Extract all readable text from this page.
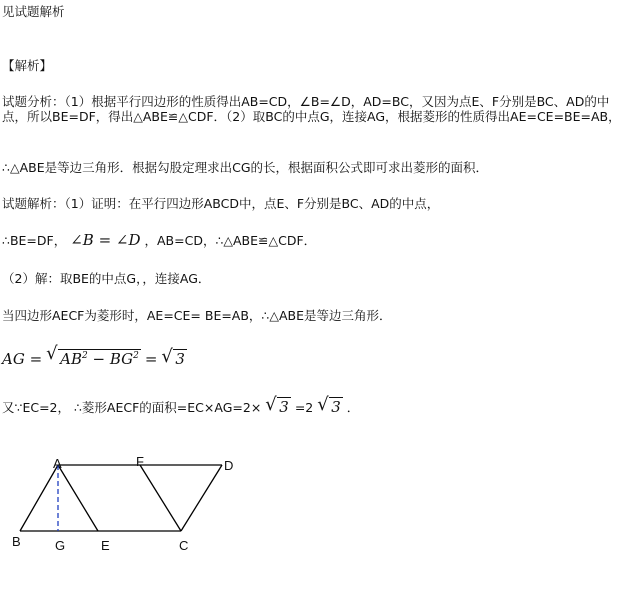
见试题解析
【解析】
试题分析：（1）根据平行四边形的性质得出AB=CD，∠B=∠D，AD=BC，又因为点E、F分别是BC、AD的中点，所以BE=DF，得出△ABE≌△CDF．（2）取BC的中点G，连接AG，根据菱形的性质得出AE=CE=BE=AB，
∴△ABE是等边三角形．根据勾股定理求出CG的长，根据面积公式即可求出菱形的面积．
试题解析：（1）证明：在平行四边形ABCD中，点E、F分别是BC、AD的中点，
∴BE=DF， ∠B = ∠D ，AB=CD，∴△ABE≌△CDF．
（2）解：取BE的中点G，，连接AG．
当四边形AECF为菱形时，AE=CE= BE=AB，∴△ABE是等边三角形．
AG = √ $AB^2 - BG^2$ = √ 3
又∵EC=2， ∴菱形AECF的面积=EC×AG=2× √ 3 =2 √ 3 ．
A	F	D
B	G	E	C
